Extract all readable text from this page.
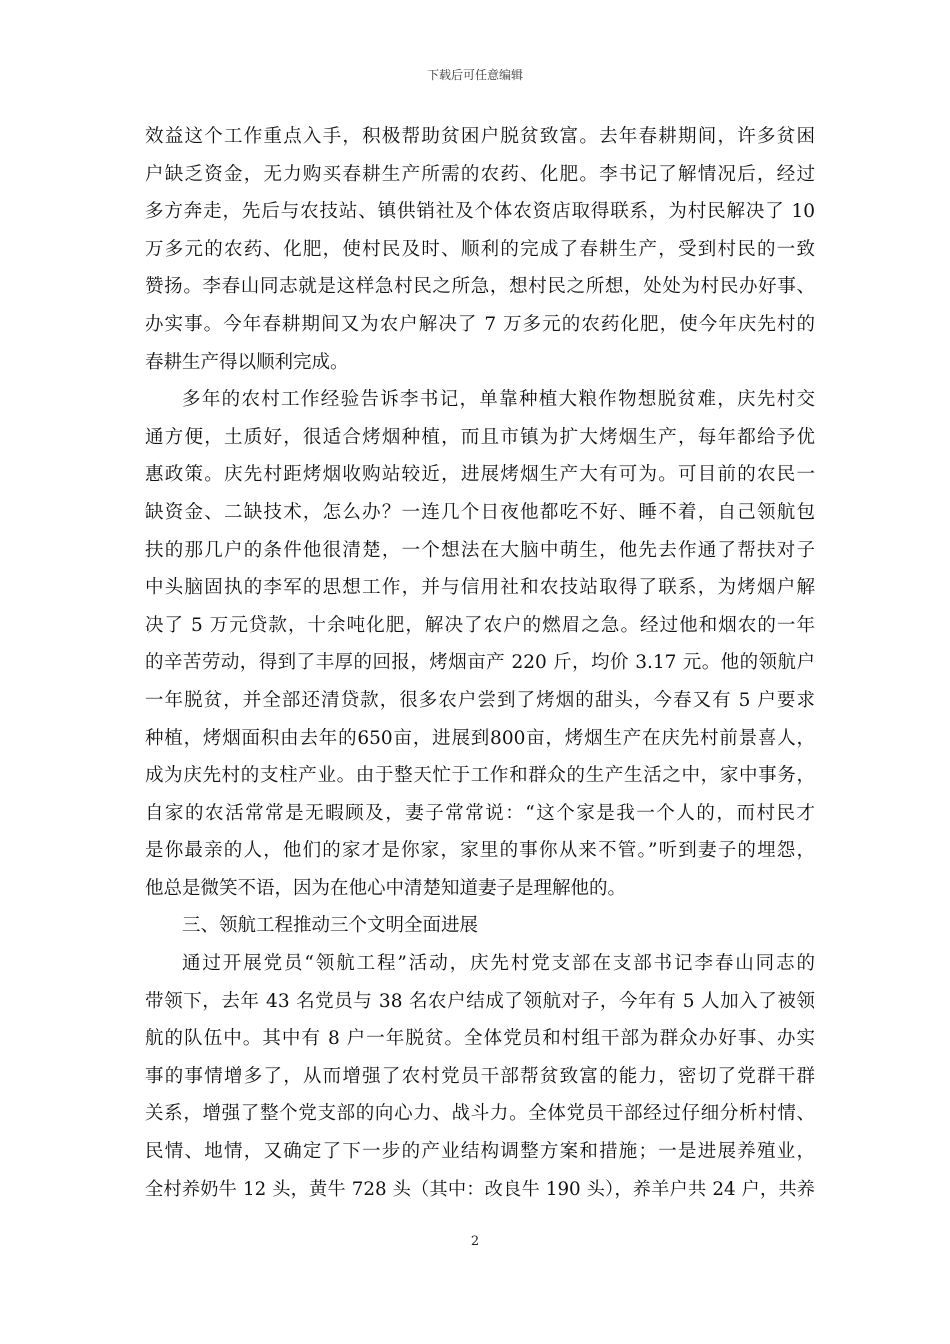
下载后可任意编辑
效益这个工作重点入手，积极帮助贫困户脱贫致富。去年春耕期间，许多贫困
户缺乏资金，无力购买春耕生产所需的农药、化肥。李书记了解情况后，经过
多方奔走，先后与农技站、镇供销社及个体农资店取得联系，为村民解决了 10
万多元的农药、化肥，使村民及时、顺利的完成了春耕生产，受到村民的一致
赞扬。李春山同志就是这样急村民之所急，想村民之所想，处处为村民办好事、
办实事。今年春耕期间又为农户解决了 7 万多元的农药化肥，使今年庆先村的
春耕生产得以顺利完成。
多年的农村工作经验告诉李书记，单靠种植大粮作物想脱贫难，庆先村交
通方便，土质好，很适合烤烟种植，而且市镇为扩大烤烟生产，每年都给予优
惠政策。庆先村距烤烟收购站较近，进展烤烟生产大有可为。可目前的农民一
缺资金、二缺技术，怎么办？一连几个日夜他都吃不好、睡不着，自己领航包
扶的那几户的条件他很清楚，一个想法在大脑中萌生，他先去作通了帮扶对子
中头脑固执的李军的思想工作，并与信用社和农技站取得了联系，为烤烟户解
决了 5 万元贷款，十余吨化肥，解决了农户的燃眉之急。经过他和烟农的一年
的辛苦劳动，得到了丰厚的回报，烤烟亩产 220 斤，均价 3.17 元。他的领航户
一年脱贫，并全部还清贷款，很多农户尝到了烤烟的甜头，今春又有 5 户要求
种植，烤烟面积由去年的650亩，进展到800亩，烤烟生产在庆先村前景喜人，
成为庆先村的支柱产业。由于整天忙于工作和群众的生产生活之中，家中事务，
自家的农活常常是无暇顾及，妻子常常说：“这个家是我一个人的，而村民才
是你最亲的人，他们的家才是你家，家里的事你从来不管。”听到妻子的埋怨，
他总是微笑不语，因为在他心中清楚知道妻子是理解他的。
三、领航工程推动三个文明全面进展
通过开展党员“领航工程”活动，庆先村党支部在支部书记李春山同志的
带领下，去年 43 名党员与 38 名农户结成了领航对子，今年有 5 人加入了被领
航的队伍中。其中有 8 户一年脱贫。全体党员和村组干部为群众办好事、办实
事的事情增多了，从而增强了农村党员干部帮贫致富的能力，密切了党群干群
关系，增强了整个党支部的向心力、战斗力。全体党员干部经过仔细分析村情、
民情、地情，又确定了下一步的产业结构调整方案和措施；一是进展养殖业，
全村养奶牛 12 头，黄牛 728 头（其中：改良牛 190 头），养羊户共 24 户，共养
2
